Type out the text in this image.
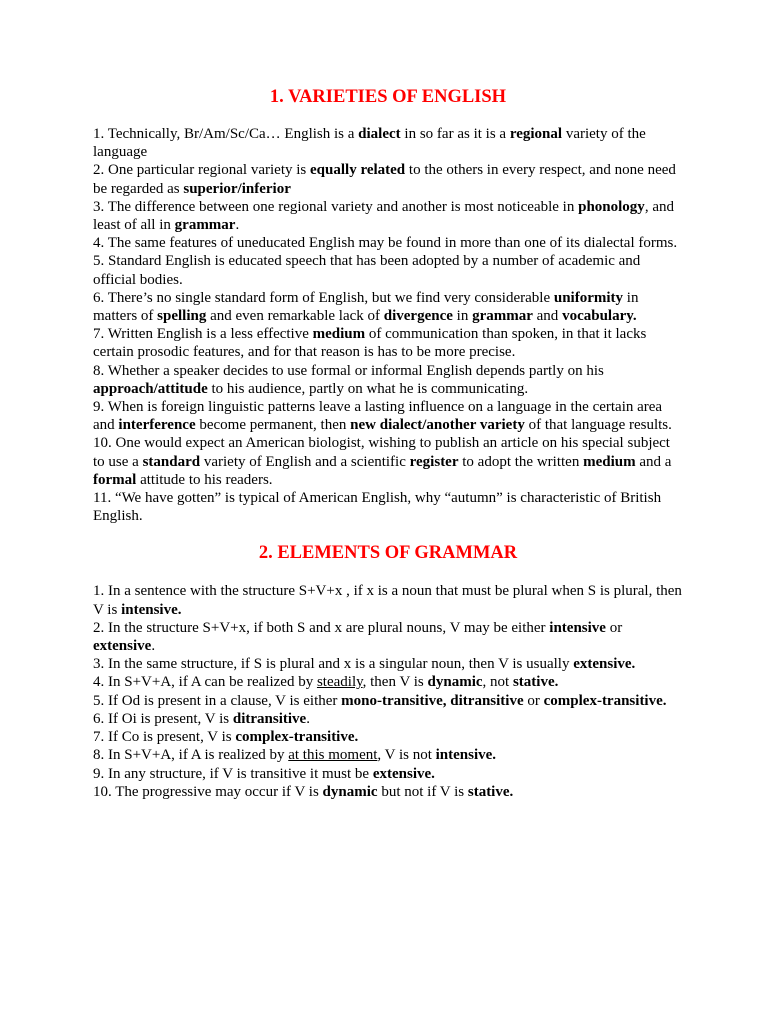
1. VARIETIES OF ENGLISH

1. Technically, Br/Am/Sc/Ca… English is a dialect in so far as it is a regional variety of the language

2. One particular regional variety is equally related to the others in every respect, and none need be regarded as superior/inferior

3. The difference between one regional variety and another is most noticeable in phonology, and least of all in grammar.

4. The same features of uneducated English may be found in more than one of its dialectal forms.

5. Standard English is educated speech that has been adopted by a number of academic and official bodies.

6. There’s no single standard form of English, but we find very considerable uniformity in matters of spelling and even remarkable lack of divergence in grammar and vocabulary.

7. Written English is a less effective medium of communication than spoken, in that it lacks certain prosodic features, and for that reason is has to be more precise.

8. Whether a speaker decides to use formal or informal English depends partly on his approach/attitude to his audience, partly on what he is communicating.

9. When is foreign linguistic patterns leave a lasting influence on a language in the certain area and interference become permanent, then new dialect/another variety of that language results.

10. One would expect an American biologist, wishing to publish an article on his special subject to use a standard variety of English and a scientific register to adopt the written medium and a formal attitude to his readers.

11. “We have gotten” is typical of American English, why “autumn” is characteristic of British English.

2. ELEMENTS OF GRAMMAR

1. In a sentence with the structure S+V+x , if x is a noun that must be plural when S is plural, then V is intensive.

2. In the structure S+V+x, if both S and x are plural nouns, V may be either intensive or extensive.

3. In the same structure, if S is plural and x is a singular noun, then V is usually extensive.

4. In S+V+A, if A can be realized by steadily, then V is dynamic, not stative.

5. If Od is present in a clause, V is either mono-transitive, ditransitive or complex-transitive.

6. If Oi is present, V is ditransitive.

7. If Co is present, V is complex-transitive.

8. In S+V+A, if A is realized by at this moment, V is not intensive.

9. In any structure, if V is transitive it must be extensive.

10. The progressive may occur if V is dynamic but not if V is stative.
